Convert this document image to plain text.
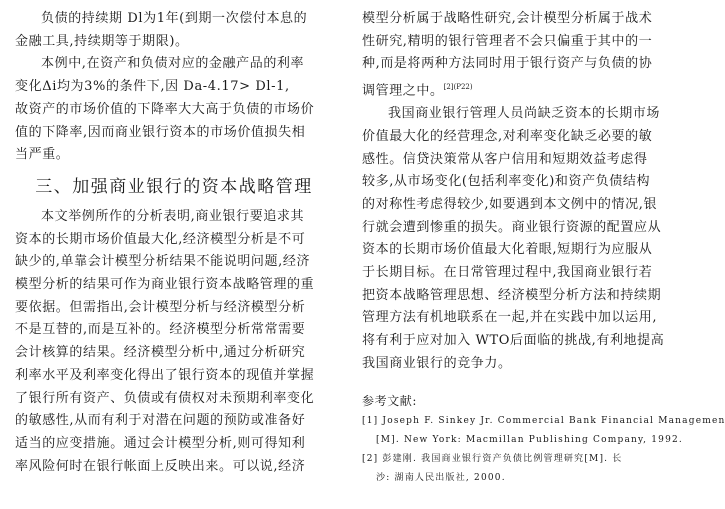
负债的持续期 Dl为1年(到期一次偿付本息的
金融工具,持续期等于期限)。

本例中,在资产和负债对应的金融产品的利率
变化Δi均为3%的条件下,因 Da-4.17> Dl-1,
故资产的市场价值的下降率大大高于负债的市场价
值的下降率,因而商业银行资本的市场价值损失相
当严重。

三、加强商业银行的资本战略管理

本文举例所作的分析表明,商业银行要追求其
资本的长期市场价值最大化,经济模型分析是不可
缺少的,单靠会计模型分析结果不能说明问题,经济
模型分析的结果可作为商业银行资本战略管理的重
要依据。但需指出,会计模型分析与经济模型分析
不是互替的,而是互补的。经济模型分析常常需要
会计核算的结果。经济模型分析中,通过分析研究
利率水平及利率变化得出了银行资本的现值并掌握
了银行所有资产、负债或有债权对未预期利率变化
的敏感性,从而有利于对潜在问题的预防或准备好
适当的应变措施。通过会计模型分析,则可得知利
率风险何时在银行帐面上反映出来。可以说,经济

模型分析属于战略性研究,会计模型分析属于战术
性研究,精明的银行管理者不会只偏重于其中的一
种,而是将两种方法同时用于银行资产与负债的协
调管理之中。$^{[2](P22)}$

我国商业银行管理人员尚缺乏资本的长期市场
价值最大化的经营理念,对利率变化缺乏必要的敏
感性。信贷決策常从客户信用和短期效益考虑得
较多,从市场变化(包括利率变化)和资产负债结构
的对称性考虑得较少,如要遇到本文例中的情况,银
行就会遭到惨重的损失。商业银行资源的配置应从
资本的长期市场价值最大化着眼,短期行为应服从
于长期目标。在日常管理过程中,我国商业银行若
把资本战略管理思想、经济模型分析方法和持续期
管理方法有机地联系在一起,并在实践中加以运用,
将有利于应对加入 WTO后面临的挑战,有利地提高
我国商业银行的竞争力。

参考文献:
[1] Joseph F. Sinkey Jr. Commercial Bank Financial Managemen
[M]. New York: Macmillan Publishing Company, 1992.
[2] 彭建刚. 我国商业银行资产负债比例管理研究[M]. 长
沙: 湖南人民出版社, 2000.
